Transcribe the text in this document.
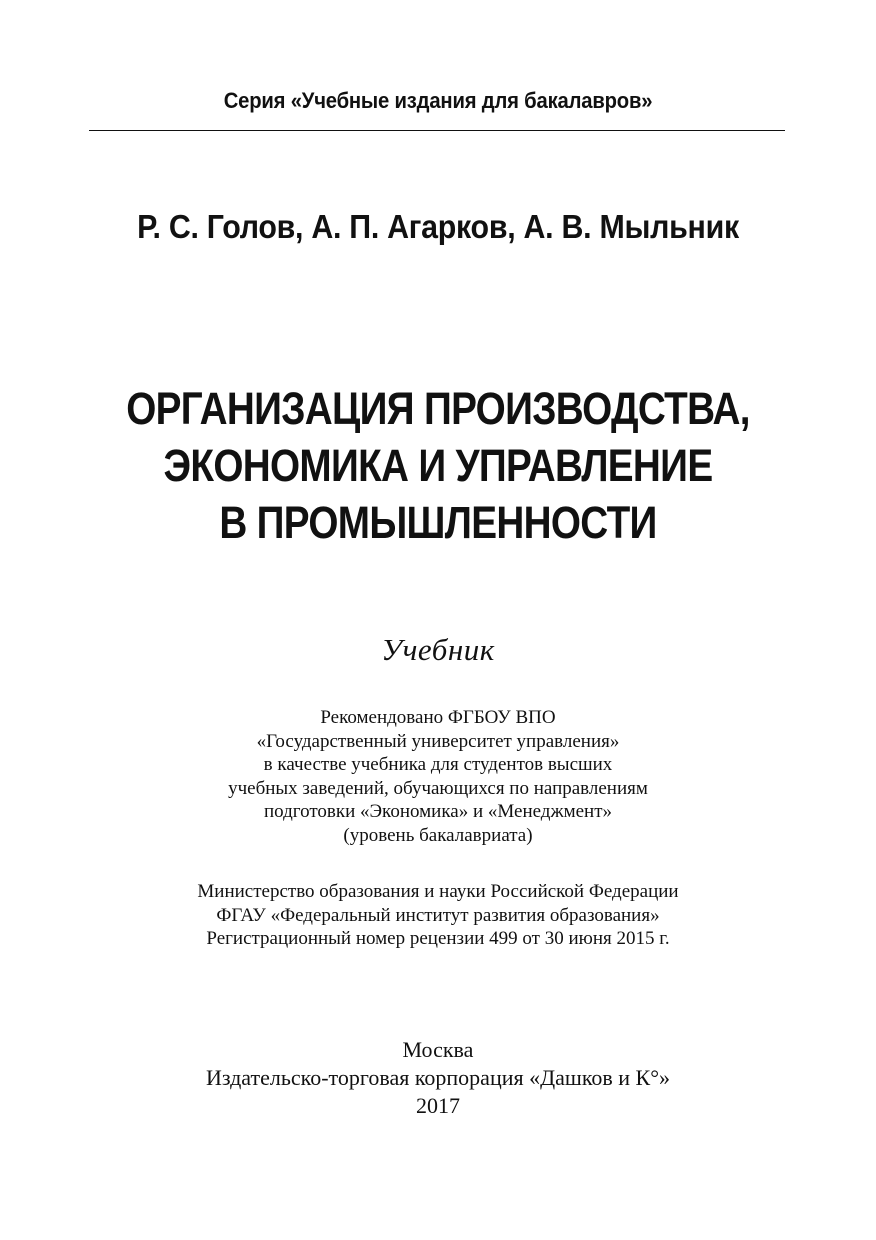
Серия «Учебные издания для бакалавров»
Р. С. Голов, А. П. Агарков, А. В. Мыльник
ОРГАНИЗАЦИЯ ПРОИЗВОДСТВА,
ЭКОНОМИКА И УПРАВЛЕНИЕ
В ПРОМЫШЛЕННОСТИ
Учебник
Рекомендовано ФГБОУ ВПО
«Государственный университет управления»
в качестве учебника для студентов высших
учебных заведений, обучающихся по направлениям
подготовки «Экономика» и «Менеджмент»
(уровень бакалавриата)
Министерство образования и науки Российской Федерации
ФГАУ «Федеральный институт развития образования»
Регистрационный номер рецензии 499 от 30 июня 2015 г.
Москва
Издательско-торговая корпорация «Дашков и К°»
2017
